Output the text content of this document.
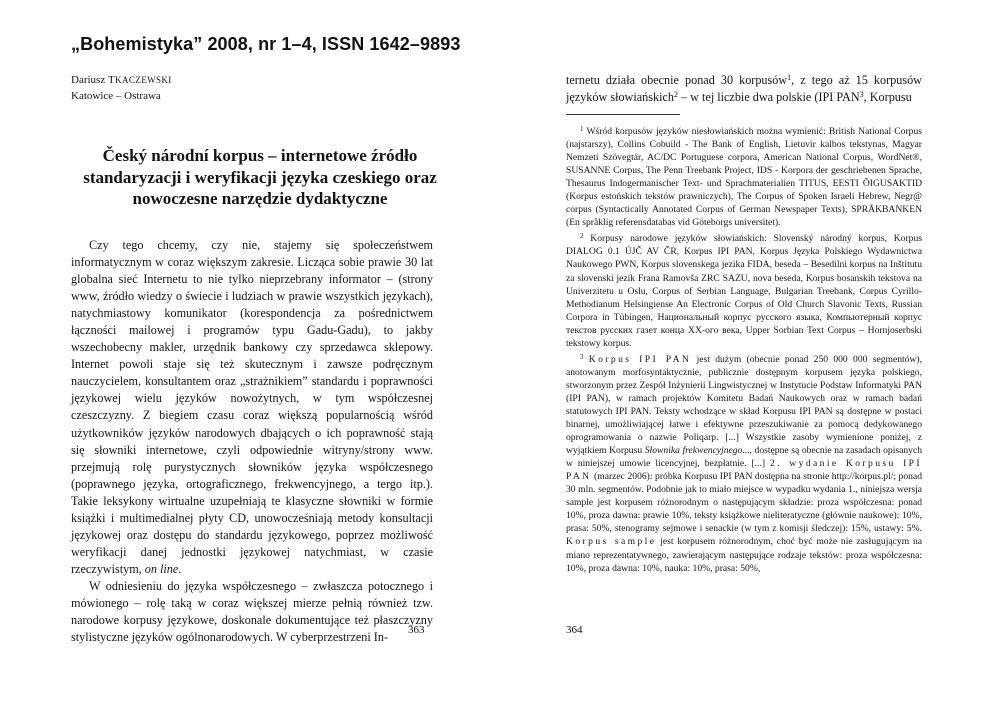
„Bohemistyka” 2008, nr 1–4, ISSN 1642–9893
Dariusz TKACZEWSKI
Katowice – Ostrawa
Český národní korpus – internetowe źródło standaryzacji i weryfikacji języka czeskiego oraz nowoczesne narzędzie dydaktyczne

Czy tego chcemy, czy nie, stajemy się społeczeństwem informatycznym w coraz większym zakresie. Licząca sobie prawie 30 lat globalna sieć Internetu to nie tylko nieprzebrany informator – (strony www, źródło wiedzy o świecie i ludziach w prawie wszystkich językach), natychmiastowy komunikator (korespondencja za pośrednictwem łączności mailowej i programów typu Gadu-Gadu), to jakby wszechobecny makler, urzędnik bankowy czy sprzedawca sklepowy. Internet powoli staje się też skutecznym i zawsze podręcznym nauczycielem, konsultantem oraz „strażnikiem” standardu i poprawności językowej wielu języków nowożytnych, w tym współczesnej czeszczyzny. Z biegiem czasu coraz większą popularnością wśród użytkowników języków narodowych dbających o ich poprawność stają się słowniki internetowe, czyli odpowiednie witryny/strony www. przejmują rolę purystycznych słowników języka współczesnego (poprawnego języka, ortograficznego, frekwencyjnego, a tergo itp.). Takie leksykony wirtualne uzupełniają te klasyczne słowniki w formie książki i multimedialnej płyty CD, unowocześniają metody konsultacji językowej oraz dostępu do standardu językowego, poprzez możliwość weryfikacji danej jednostki językowej natychmiast, w czasie rzeczywistym, on line.

W odniesieniu do języka współczesnego – zwłaszcza potocznego i mówionego – rolę taką w coraz większej mierze pełnią również tzw. narodowe korpusy językowe, doskonale dokumentujące też płaszczyzny stylistyczne języków ogólnonarodowych. W cyberprzestrzeni In-

363

ternetu działa obecnie ponad 30 korpusów$^1$, z tego aż 15 korpusów języków słowiańskich$^2$ – w tej liczbie dwa polskie (IPI PAN$^3$, Korpusu

$^1$ Wśród korpusów języków niesłowiańskich można wymienić: British National Corpus (najstarszy), Collins Cobuild - The Bank of English, Lietuvir kalbos tekstynas, Magyar Nemzeti Szövegtár, AC/DC Portuguese corpora, American National Corpus, WordNet®, SUSANNE Corpus, The Penn Treebank Project, IDS - Korpora der geschriebenen Sprache, Thesaurus Indogermanischer Text- und Sprachmaterialien TITUS, EESTI ÕIGUSAKTID (Korpus estońskich tekstów prawniczych), The Corpus of Spoken Israeli Hebrew, Negr@ corpus (Syntactically Annotated Corpus of German Newspaper Texts), SPRÅKBANKEN (En språklig referensdatabas vid Göteborgs universitet).

$^2$ Korpusy narodowe języków słowiańskich: Slovenský národný korpus, Korpus DIALOG 0.1 ÚJČ AV ČR, Korpus IPI PAN, Korpus Języka Polskiego Wydawnictwa Naukowego PWN, Korpus slovenskega jezika FIDA, beseda – Besedilni korpus na Inštitutu za slovenski jezik Frana Ramovša ZRC SAZU, nova beseda, Korpus bosanskih tekstova na Univerzitetu u Oslu, Corpus of Serbian Language, Bulgarian Treebank, Corpus Cyrillo-Methodianum Helsingiense An Electronic Corpus of Old Church Slavonic Texts, Russian Corpora in Tübingen, Национальный корпус русского языка, Компьютерный корпус текстов русских газет конца XX-ого века, Upper Sorbian Text Corpus – Hornjoserbski tekstowy korpus.

$^3$ Korpus IPI PAN jest dużym (obecnie ponad 250 000 000 segmentów), anotowanym morfosyntaktycznie, publicznie dostępnym korpusem języka polskiego, stworzonym przez Zespół Inżynierii Lingwistycznej w Instytucie Podstaw Informatyki PAN (IPI PAN), w ramach projektów Komitetu Badań Naukowych oraz w ramach badań statutowych IPI PAN. Teksty wchodzące w skład Korpusu IPI PAN są dostępne w postaci binarnej, umożliwiającej łatwe i efektywne przeszukiwanie za pomocą dedykowanego oprogramowania o nazwie Poliqarp. [...] Wszystkie zasoby wymienione poniżej, z wyjątkiem Korpusu Słownika frekwencyjnego..., dostępne są obecnie na zasadach opisanych w niniejszej umowie licencyjnej, bezpłatnie. [...] 2. wydanie Korpusu IPI PAN (marzec 2006): próbka Korpusu IPI PAN dostępna na stronie http://korpus.pl/; ponad 30 mln. segmentów. Podobnie jak to miało miejsce w wypadku wydania 1., niniejsza wersja sample jest korpusem różnorodnym o następującym składzie: proza współczesna: ponad 10%, proza dawna: prawie 10%, teksty książkowe nieliteratyczne (głównie naukowe): 10%, prasa: 50%, stenogramy sejmowe i senackie (w tym z komisji śledczej): 15%, ustawy: 5%. Korpus sample jest korpusem różnorodnym, choć być może nie zasługującym na miano reprezentatywnego, zawierającym następujące rodzaje tekstów: proza współczesna: 10%, proza dawna: 10%, nauka: 10%, prasa: 50%,

364
